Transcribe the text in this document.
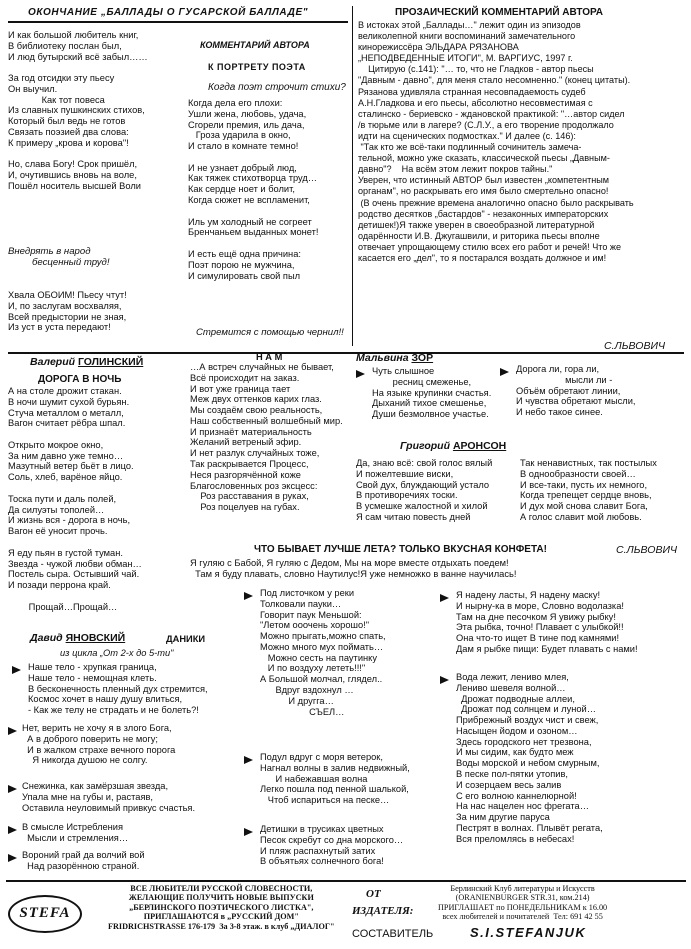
ОКОНЧАНИЕ „БАЛЛАДЫ О ГУСАРСКОЙ БАЛЛАДЕ"

И как большой любитель книг,
В библиотеку послан был,
И люд бутырский всё забыл……

За год отсидки эту пьесу
Он выучил.
Как тот повеса
Из славных пушкинских стихов,
Который был ведь не готов
Связать поэзией два слова:
К примеру „крова и корова"!

Но, слава Богу! Срок пришёл,
И, очутившись вновь на воле,
Пошёл носитель высшей Воли

Внедрять в народ
бесценный труд!

Хвала ОБОИМ! Пьесу чтут!
И, по заслугам восхваляя,
Всей предыстории не зная,
Из уст в уста передают!

КОММЕНТАРИЙ АВТОРА
К ПОРТРЕТУ ПОЭТА
Когда поэт строчит стихи?

Когда дела его плохи:
Ушли жена, любовь, удача,
Сгорели премия, иль дача,
Гроза ударила в окно,
И стало в комнате темно!

И не узнает добрый люд,
Как тяжек стихотворца труд…
Как сердце ноет и болит,
Когда сюжет не вспламенит,

Иль ум холодный не согреет
Бренчаньем выданных монет!

И есть ещё одна причина:
Поэт порою не мужчина,
И симулировать свой пыл

Стремится с помощью чернил!!

ПРОЗАИЧЕСКИЙ КОММЕНТАРИЙ АВТОРА

В истоках этой „Баллады…" лежит один из эпизодов
великолепной книги воспоминаний замечательного
кинорежиссёра ЭЛЬДАРА РЯЗАНОВА
„НЕПОДВЕДЕННЫЕ ИТОГИ", М. ВАРГИУС, 1997 г.
Цитирую (с.141): "… то, что не Гладков - автор пьесы
"Давным - давно", для меня стало несомненно." (конец цитаты).
Рязанова удивляла странная несовпадаемость судеб
А.Н.Гладкова и его пьесы, абсолютно несовместимая с
сталинско - бериевско - ждановской практикой: "…автор сидел
/в тюрьме или в лагере? (С.Л.У., а его творение продолжало
идти на сценических подмостках." И далее (с. 146):
"Так кто же всё-таки подлинный сочинитель замеча-
тельной, можно уже сказать, классической пьесы „Давным-
давно"?    На всём этом лежит покров тайны."
Уверен, что истинный АВТОР был известен „компетентным
органам", но раскрывать его имя было смертельно опасно!
(В очень прежние времена аналогично опасно было раскрывать
родство десятков „бастардов" - незаконных императорских
детишек!)Я также уверен в своеобразной литературной
одарённости И.В. Джугашвили, и риторика пьесы вполне
отвечает упрощающему стилю всех его работ и речей! Что же
касается его „дел", то я постарался воздать должное и им!

С.ЛЬВОВИЧ
Валерий ГОЛИНСКИЙ
ДОРОГА В НОЧЬ

А на столе дрожит стакан.
В ночи шумит сухой бурьян.
Стуча металлом о металл,
Вагон считает рёбра шпал.

Открыто мокрое окно,
За ним давно уже темно…
Мазутный ветер бьёт в лицо.
Соль, хлеб, варёное яйцо.

Тоска пути и даль полей,
Да силуэты тополей…
И жизнь вся - дорога в ночь,
Вагон её уносит прочь.

Я еду пьян в густой туман.
Звезда - чужой любви обман…
Постель сыра. Остывший чай.
И позади перрона край.

Прощай…Прощай…

Н А М

…А встреч случайных не бывает,
Всё происходит на заказ.
И вот уже граница тает
Меж двух оттенков карих глаз.
Мы создаём свою реальность,
Наш собственный волшебный мир.
И признаёт материальность
Желаний ветреный эфир.
И нет разлук случайных тоже,
Так раскрывается Процесс,
Неся разгорячённой коже
Благословенных роз эксцесс:
Роз расставания в руках,
Роз поцелуев на губах.

Мальвина ЗОР

Чуть слышное
ресниц смеженье,
На языке крупинки счастья.
Дыханий тихое смешенье,
Души безмолвное участье.

Дорога ли, гора ли,
мысли ли -
Объём обретают линии,
И чувства обретают мысли,
И небо такое синее.

Григорий АРОНСОН

Да, знаю всё: свой голос вялый
И пожелтевшие виски,
Свой дух, блуждающий устало
В противоречиях тоски.
В усмешке жалостной и хилой
Я сам читаю повесть дней

Так ненавистных, так постылых
В однообразности своей…
И все-таки, пусть их немного,
Когда трепещет сердце вновь,
И дух мой снова славит Бога,
А голос славит мой любовь.

ЧТО БЫВАЕТ ЛУЧШЕ ЛЕТА? ТОЛЬКО ВКУСНАЯ КОНФЕТА!	С.ЛЬВОВИЧ

Я гуляю с Бабой, Я гуляю с Дедом, Мы на море вместе отдыхать поедем!
Там я буду плавать, словно Наутилус!Я уже немножко в ванне научилась!

Под листочком у реки
Толковали пауки…
Говорит паук Меньшой:
"Летом ооочень хорошо!"
Можно прыгать,можно спать,
Можно много мух поймать…
Можно сесть на паутинку
И по воздуху лететь!!!"
А Большой молчал, глядел..
Вдруг вздохнул …
И другга…
СЪЕЛ…

Подул вдруг с моря ветерок,
Нагнал волны в залив недвижный,
И набежавшая волна
Легко пошла под пенной шалькой,
Чтоб испариться на песке…

Детишки в трусиках цветных
Песок скребут со дна морского…
И пляж распахнутый затих
В объятьях солнечного бога!

Я надену ласты, Я надену маску!
И нырну-ка в море, Словно водолазка!
Там на дне песочком Я увижу рыбку!
Эта рыбка, точно! Плавает с улыбкой!!
Она что-то ищет В тине под камнями!
Дам я рыбке пищи: Будет плавать с нами!

Вода лежит, ленивo млея,
Лениво шевеля волной…
Дрожат подводные аллеи,
Дрожат под солнцем и луной…
Прибрежный воздух чист и свеж,
Насыщен йодом и озоном…
Здесь городского нет трезвона,
И мы сидим, как будто меж
Воды морской и небом смурным,
В песке пол-пятки утопив,
И созерцаем весь залив
С его волною каннелюрной!
На нас нацелен нос фрегата…
За ним другие паруса
Пестрят в волнах. Плывёт регата,
Вся преломлясь в небесах!

Давид ЯНОВСКИЙ	ДАНИКИ
из цикла „От 2-х до 5-ти"

Наше тело - хрупкая граница,
Наше тело - немощная клеть.
В бесконечность пленный дух стремится,
Космос хочет в нашу душу влиться,
- Как же телу не страдать и не болеть?!

Нет, верить не хочу я в злого Бога,
А в доброго поверить не могу;
И в жалком страхе вечного порога
Я никогда душою не солгу.

Снежинка, как замёрзшая звезда,
Упала мне на губы и, растаяв,
Оставила неуловимый привкус счастья.

В смысле Истребления
Мысли и стремления…

Вороний грай да волчий вой
Над разорённою страной.

STEFA

ВСЕ ЛЮБИТЕЛИ РУССКОЙ СЛОВЕСНОСТИ,
ЖЕЛАЮЩИЕ ПОЛУЧИТЬ НОВЫЕ ВЫПУСКИ
„БЕРЛИНСКОГО ПОЭТИЧЕСКОГО ЛИСТКА",
ПРИГЛАШАЮТСЯ в „РУССКИЙ ДОМ"
FRIDRICHSTRASSE 176-179  За 3-8 этаж. в клуб „ДИАЛОГ"

ОТ
ИЗДАТЕЛЯ:

Берлинский Клуб литературы и Искусств
(ORANIENBURGER STR.31, ком.214)
ПРИГЛАШАЕТ по ПОНЕДЕЛЬНИКАМ к 16.00
всех любителей и почитателей  Тел: 691 42 55

СОСТАВИТЕЛЬ	S.I.STEFANJUK
